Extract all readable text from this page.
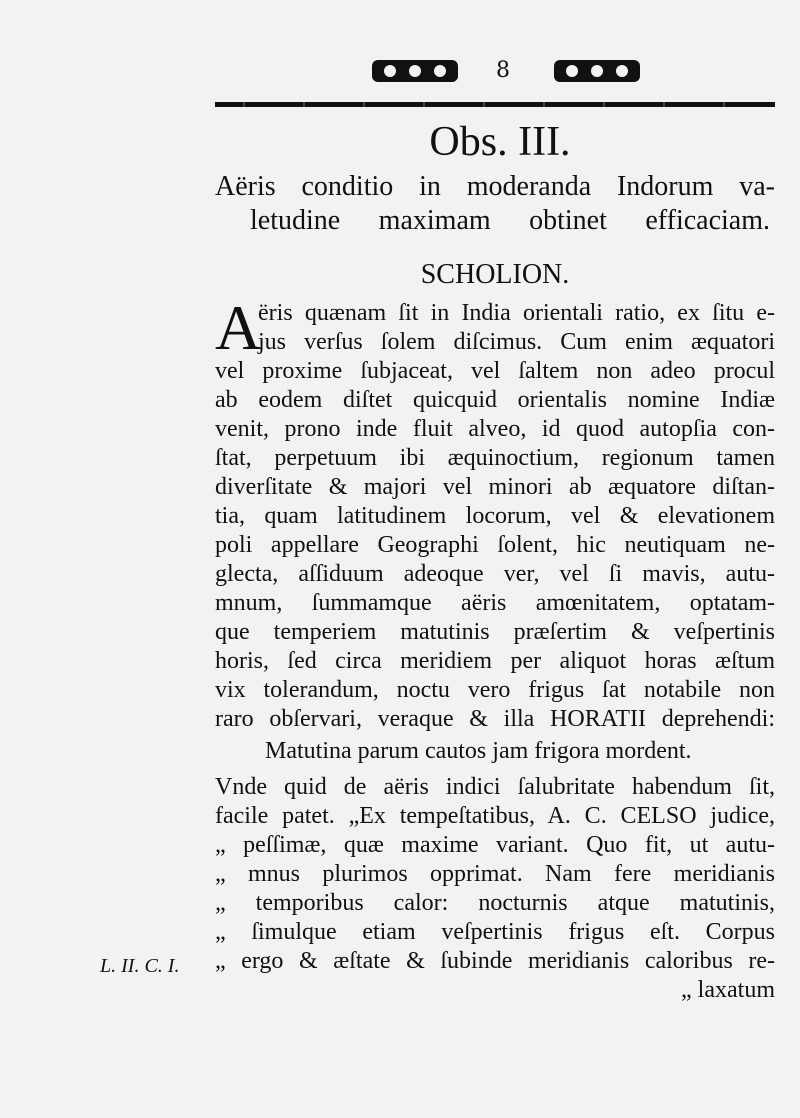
8
Obs. III.
Aëris conditio in moderanda Indorum va-
letudine maximam obtinet efficaciam.
SCHOLION.
A
ëris quænam ſit in India orientali ratio, ex ſitu e-
jus verſus ſolem diſcimus. Cum enim æquatori
vel proxime ſubjaceat, vel ſaltem non adeo procul
ab eodem diſtet quicquid orientalis nomine Indiæ
venit, prono inde fluit alveo, id quod autopſia con-
ſtat, perpetuum ibi æquinoctium, regionum tamen
diverſitate & majori vel minori ab æquatore diſtan-
tia, quam latitudinem locorum, vel & elevationem
poli appellare Geographi ſolent, hic neutiquam ne-
glecta, aſſiduum adeoque ver, vel ſi mavis, autu-
mnum, ſummamque aëris amœnitatem, optatam-
que temperiem matutinis præſertim & veſpertinis
horis, ſed circa meridiem per aliquot horas æſtum
vix tolerandum, noctu vero frigus ſat notabile non
raro obſervari, veraque & illa HORATII deprehendi:
Matutina parum cautos jam frigora mordent.
Vnde quid de aëris indici ſalubritate habendum ſit,
facile patet. „Ex tempeſtatibus, A. C. CELSO judice,
„ peſſimæ, quæ maxime variant. Quo fit, ut autu-
„ mnus plurimos opprimat. Nam fere meridianis
„ temporibus calor: nocturnis atque matutinis,
„ ſimulque etiam veſpertinis frigus eſt. Corpus
„ ergo & æſtate & ſubinde meridianis caloribus re-
„ laxatum
L. II. C. I.
